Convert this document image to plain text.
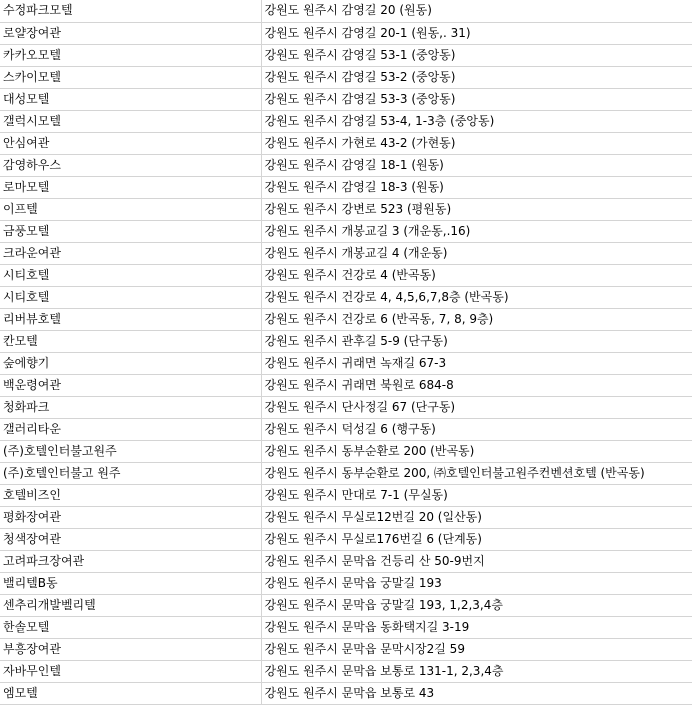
수정파크모텔	강원도 원주시 감영길 20 (원동)
로얄장여관	강원도 원주시 감영길 20-1 (원동,. 31)
카카오모텔	강원도 원주시 감영길 53-1 (중앙동)
스카이모텔	강원도 원주시 감영길 53-2 (중앙동)
대성모텔	강원도 원주시 감영길 53-3 (중앙동)
갤럭시모텔	강원도 원주시 감영길 53-4, 1-3층 (중앙동)
안심여관	강원도 원주시 가현로 43-2 (가현동)
감영하우스	강원도 원주시 감영길 18-1 (원동)
로마모텔	강원도 원주시 감영길 18-3 (원동)
이프텔	강원도 원주시 강변로 523 (평원동)
금풍모텔	강원도 원주시 개봉교길 3 (개운동,.16)
크라운여관	강원도 원주시 개봉교길 4 (개운동)
시티호텔	강원도 원주시 건강로 4 (반곡동)
시티호텔	강원도 원주시 건강로 4, 4,5,6,7,8층 (반곡동)
리버뷰호텔	강원도 원주시 건강로 6 (반곡동, 7, 8, 9층)
칸모텔	강원도 원주시 관후길 5-9 (단구동)
숲에향기	강원도 원주시 귀래면 녹재길 67-3
백운령여관	강원도 원주시 귀래면 북원로 684-8
청화파크	강원도 원주시 단사정길 67 (단구동)
갤러리타운	강원도 원주시 덕성길 6 (행구동)
(주)호텔인터불고원주	강원도 원주시 동부순환로 200 (반곡동)
(주)호텔인터불고 원주	강원도 원주시 동부순환로 200, ㈜호텔인터불고원주컨벤션호텔 (반곡동)
호텔비즈인	강원도 원주시 만대로 7-1 (무실동)
평화장여관	강원도 원주시 무실로12번길 20 (일산동)
청색장여관	강원도 원주시 무실로176번길 6 (단계동)
고려파크장여관	강원도 원주시 문막읍 건등리 산 50-9번지
밸리텔B동	강원도 원주시 문막읍 궁말길 193
센추리개발벨리텔	강원도 원주시 문막읍 궁말길 193, 1,2,3,4층
한솔모텔	강원도 원주시 문막읍 동화택지길 3-19
부흥장여관	강원도 원주시 문막읍 문막시장2길 59
자바무인텔	강원도 원주시 문막읍 보통로 131-1, 2,3,4층
엠모텔	강원도 원주시 문막읍 보통로 43
